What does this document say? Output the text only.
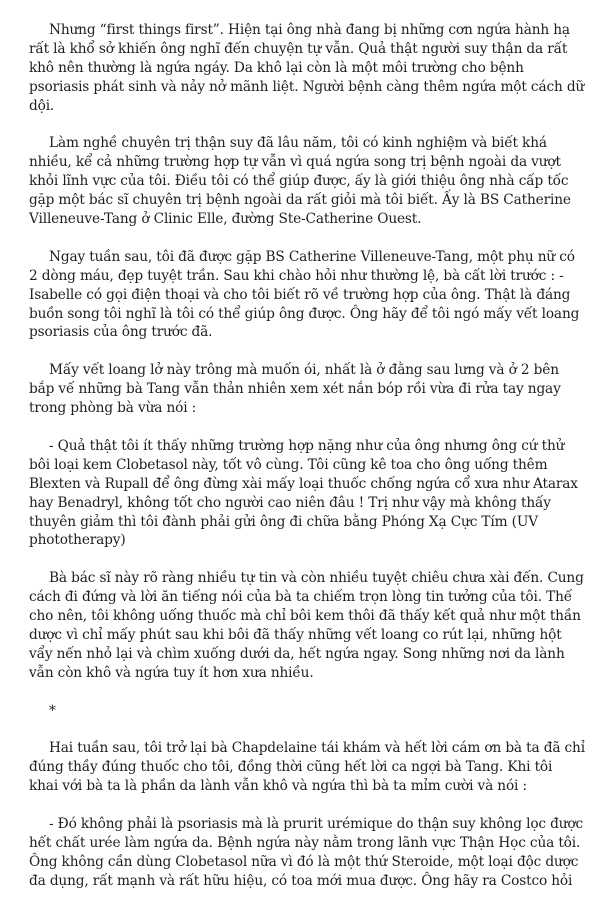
Nhưng “first things first”. Hiện tại ông nhà đang bị những cơn ngứa hành hạ rất là khổ sở khiến ông nghĩ đến chuyện tự vẫn. Quả thật người suy thận da rất khô nên thường là ngứa ngáy. Da khô lại còn là một môi trường cho bệnh psoriasis phát sinh và nảy nở mãnh liệt. Người bệnh càng thêm ngứa một cách dữ dội.

Làm nghề chuyên trị thận suy đã lâu năm, tôi có kinh nghiệm và biết khá nhiều, kể cả những trường hợp tự vẫn vì quá ngứa song trị bệnh ngoài da vượt khỏi lĩnh vực của tôi. Điều tôi có thể giúp được, ấy là giới thiệu ông nhà cấp tốc gặp một bác sĩ chuyên trị bệnh ngoài da rất giỏi mà tôi biết. Ấy là BS Catherine Villeneuve-Tang ở Clinic Elle, đường Ste-Catherine Ouest.

Ngay tuần sau, tôi đã được gặp BS Catherine Villeneuve-Tang, một phụ nữ có 2 dòng máu, đẹp tuyệt trần. Sau khi chào hỏi như thường lệ, bà cất lời trước : - Isabelle có gọi điện thoại và cho tôi biết rõ về trường hợp của ông. Thật là đáng buồn song tôi nghĩ là tôi có thể giúp ông được. Ông hãy để tôi ngó mấy vết loang psoriasis của ông trước đã.

Mấy vết loang lở này trông mà muốn ói, nhất là ở đằng sau lưng và ở 2 bên bắp vế những bà Tang vẫn thản nhiên xem xét nắn bóp rồi vừa đi rửa tay ngay trong phòng bà vừa nói :

- Quả thật tôi ít thấy những trường hợp nặng như của ông nhưng ông cứ thử bôi loại kem Clobetasol này, tốt vô cùng. Tôi cũng kê toa cho ông uống thêm Blexten và Rupall để ông đừng xài mấy loại thuốc chống ngứa cổ xưa như Atarax hay Benadryl, không tốt cho người cao niên đâu ! Trị như vậy mà không thấy thuyên giảm thì tôi đành phải gửi ông đi chữa bằng Phóng Xạ Cực Tím (UV phototherapy)

Bà bác sĩ này rõ ràng nhiều tự tin và còn nhiều tuyệt chiêu chưa xài đến. Cung cách đi đứng và lời ăn tiếng nói của bà ta chiếm trọn lòng tin tưởng của tôi. Thế cho nên, tôi không uống thuốc mà chỉ bôi kem thôi đã thấy kết quả như một thần dược vì chỉ mấy phút sau khi bôi đã thấy những vết loang co rút lại, những hột vẩy nến nhỏ lại và chìm xuống dưới da, hết ngứa ngay. Song những nơi da lành vẫn còn khô và ngứa tuy ít hơn xưa nhiều.

*

Hai tuần sau, tôi trở lại bà Chapdelaine tái khám và hết lời cám ơn bà ta đã chỉ đúng thầy đúng thuốc cho tôi, đồng thời cũng hết lời ca ngợi bà Tang. Khi tôi khai với bà ta là phần da lành vẫn khô và ngứa thì bà ta mỉm cười và nói :

- Đó không phải là psoriasis mà là prurit urémique do thận suy không lọc được hết chất urée làm ngứa da. Bệnh ngứa này nằm trong lãnh vực Thận Học của tôi. Ông không cần dùng Clobetasol nữa vì đó là một thứ Steroide, một loại độc dược đa dụng, rất mạnh và rất hữu hiệu, có toa mới mua được. Ông hãy ra Costco hỏi
